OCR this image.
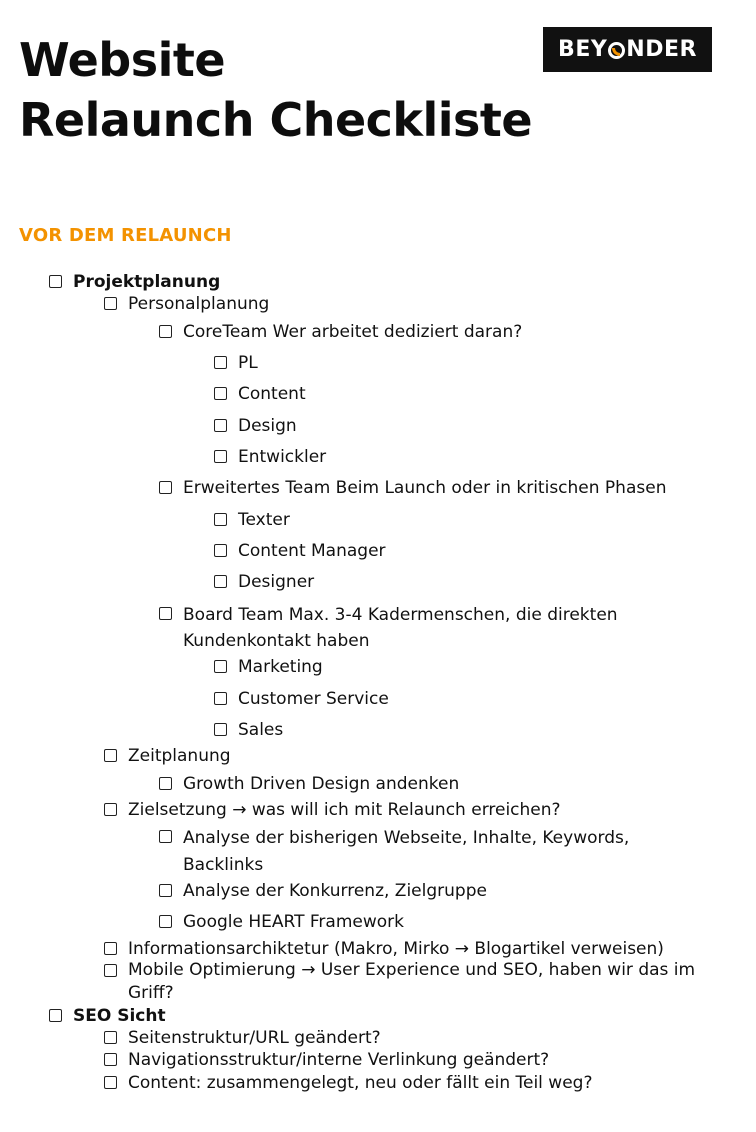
Website
Relaunch Checkliste
BEY NDER
VOR DEM RELAUNCH
Projektplanung
Personalplanung
CoreTeam Wer arbeitet dediziert daran?
PL
Content
Design
Entwickler
Erweitertes Team Beim Launch oder in kritischen Phasen
Texter
Content Manager
Designer
Board Team Max. 3-4 Kadermenschen, die direkten Kundenkontakt haben
Marketing
Customer Service
Sales
Zeitplanung
Growth Driven Design andenken
Zielsetzung → was will ich mit Relaunch erreichen?
Analyse der bisherigen Webseite, Inhalte, Keywords, Backlinks
Analyse der Konkurrenz, Zielgruppe
Google HEART Framework
Informationsarchiktetur (Makro, Mirko → Blogartikel verweisen)
Mobile Optimierung → User Experience und SEO, haben wir das im Griff?
SEO Sicht
Seitenstruktur/URL geändert?
Navigationsstruktur/interne Verlinkung geändert?
Content: zusammengelegt, neu oder fällt ein Teil weg?
